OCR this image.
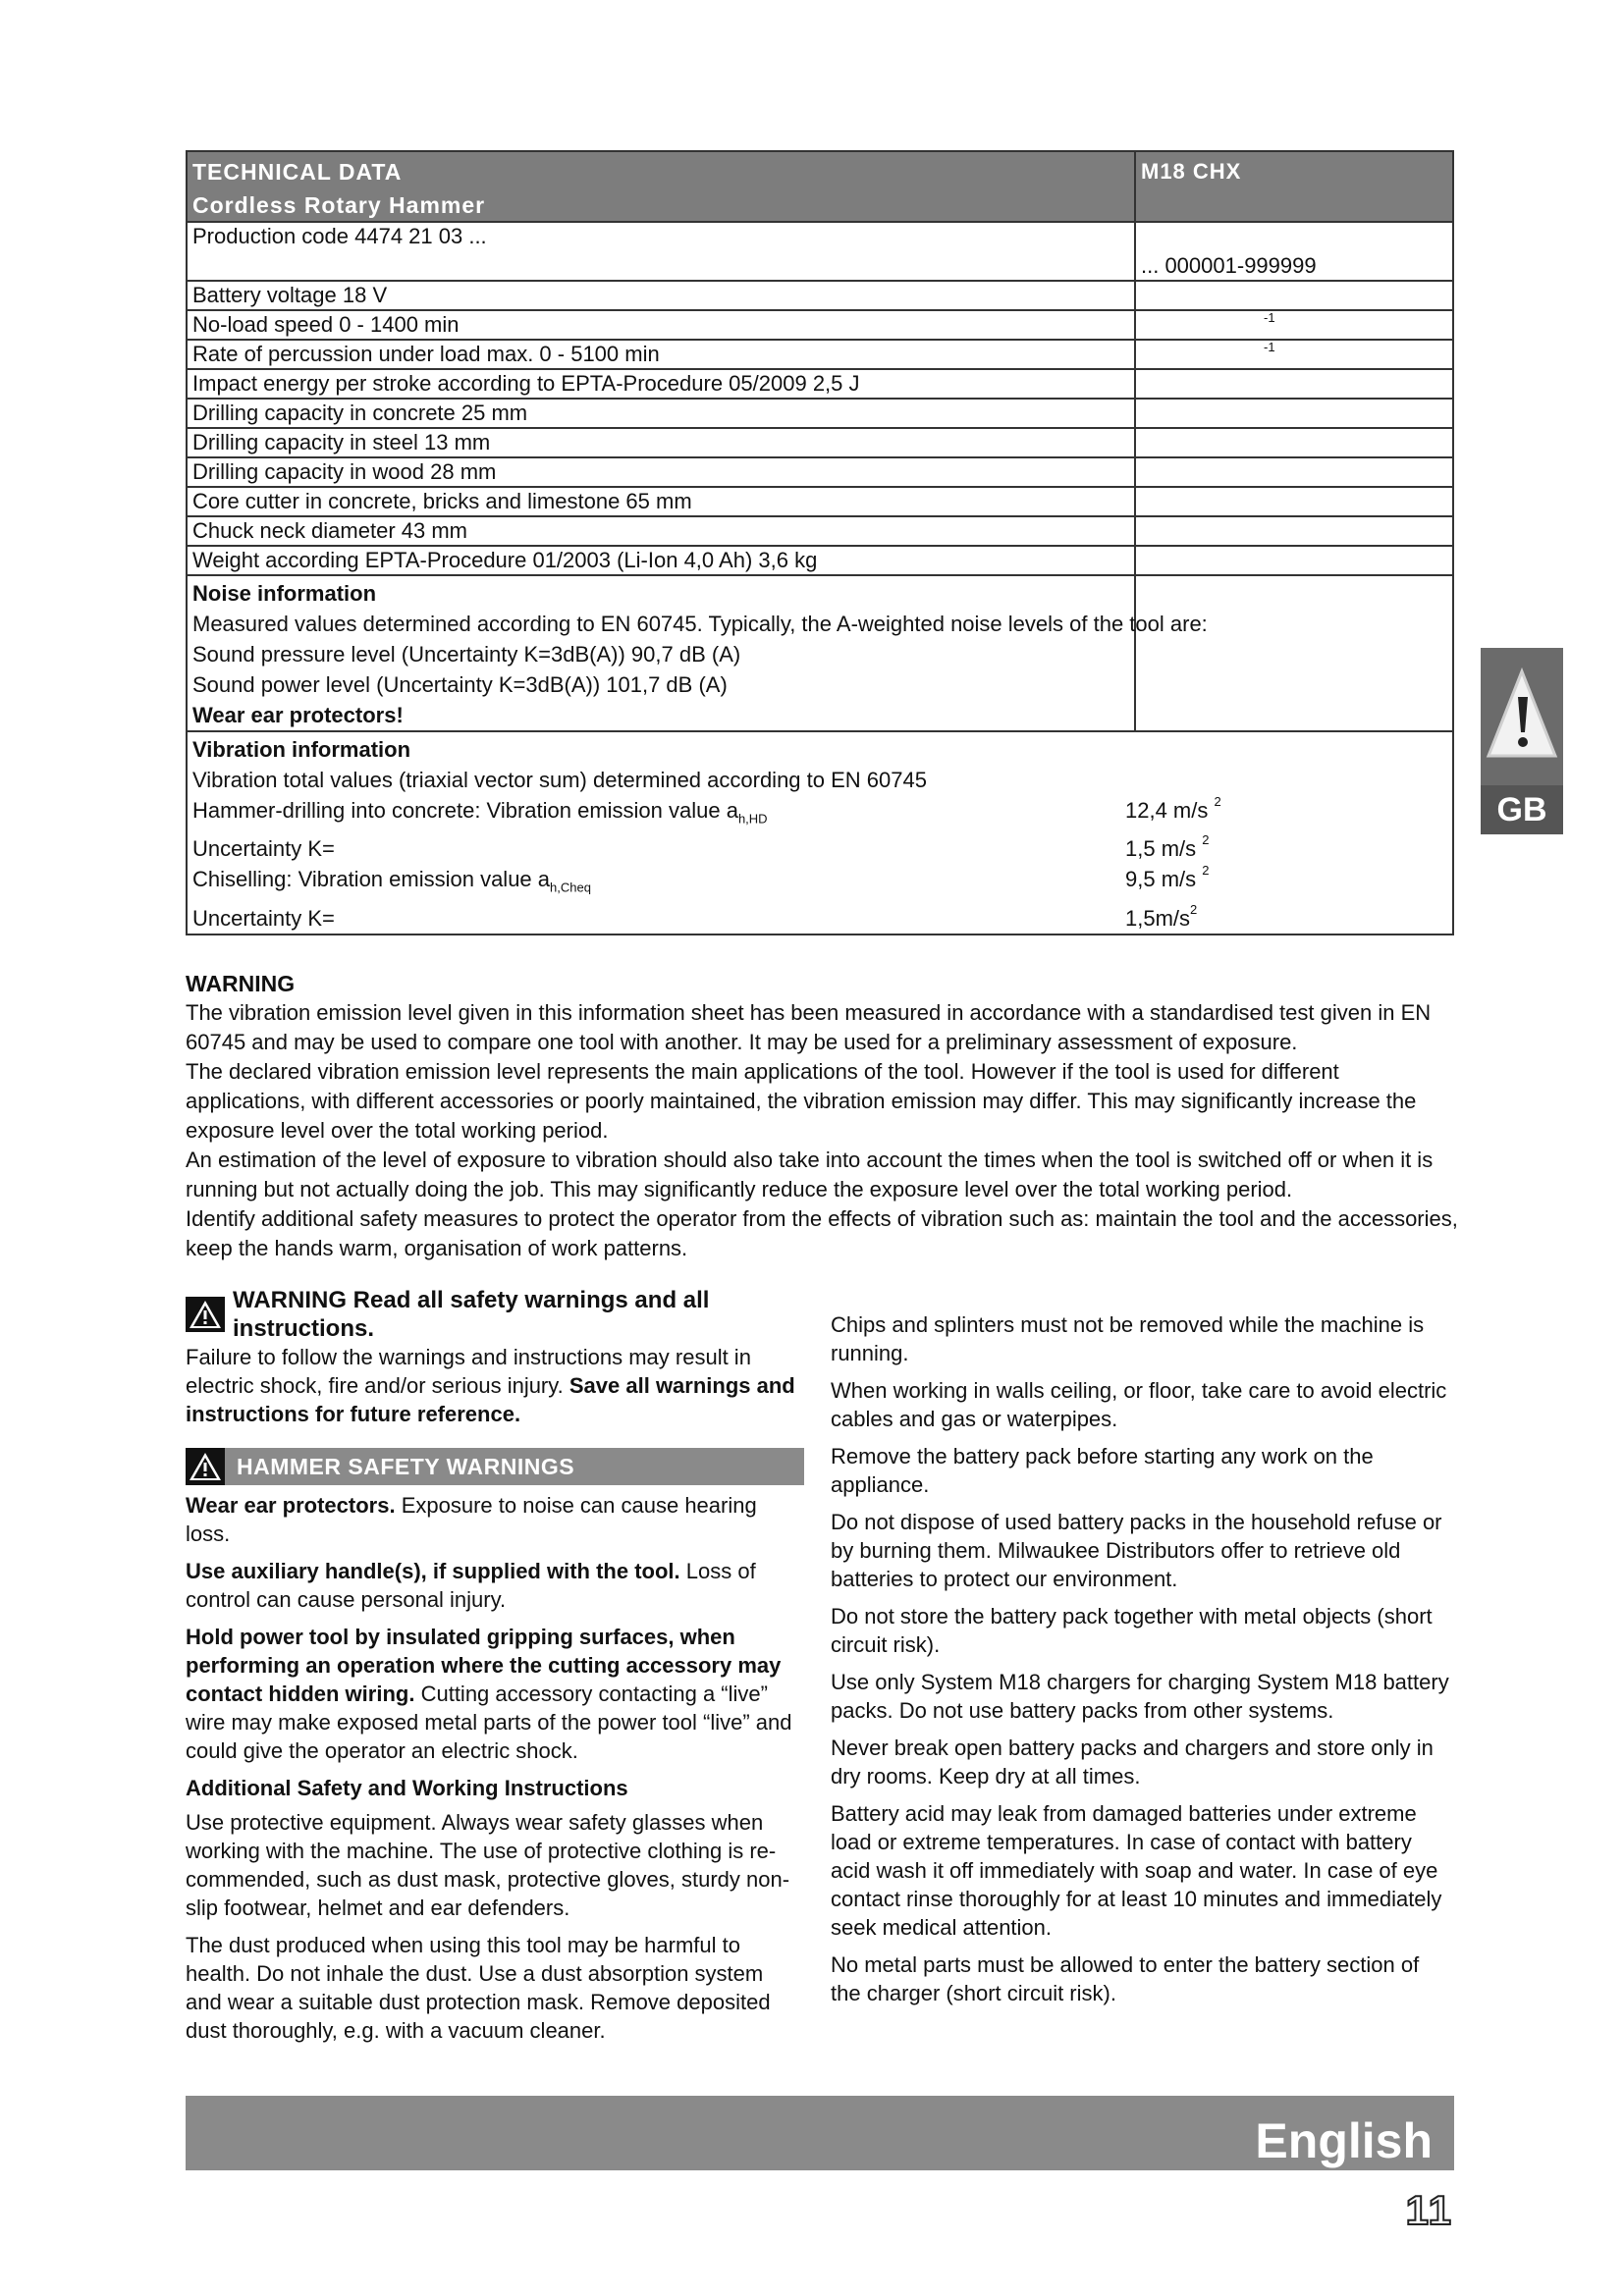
TECHNICAL DATA
Cordless Rotary Hammer
	M18 CHX
Production code 4474 21 03 ...	... 000001-999999
Battery voltage 18 V	
No-load speed 0 - 1400 min	$^{-1}$
Rate of percussion under load max. 0 - 5100 min	$^{-1}$
Impact energy per stroke according to EPTA-Procedure 05/2009 2,5 J	
Drilling capacity in concrete 25 mm	
Drilling capacity in steel 13 mm	
Drilling capacity in wood 28 mm	
Core cutter in concrete, bricks and limestone 65 mm	
Chuck neck diameter 43 mm	
Weight according EPTA-Procedure 01/2003 (Li-Ion 4,0 Ah) 3,6 kg	

Noise information
Measured values determined according to EN 60745. Typically, the A-weighted noise levels of the tool are:
Sound pressure level (Uncertainty K=3dB(A)) 90,7 dB (A)
Sound power level (Uncertainty K=3dB(A)) 101,7 dB (A)
Wear ear protectors!

Vibration information
Vibration total values (triaxial vector sum) determined according to EN 60745
Hammer-drilling into concrete: Vibration emission value $a_{h,HD}$	12,4 m/s $^2$
Uncertainty K=	1,5 m/s $^2$
Chiselling: Vibration emission value $a_{h,Cheq}$	9,5 m/s $^2$
Uncertainty K=	$1,5m/s^2$
WARNING

The vibration emission level given in this information sheet has been measured in accordance with a standardised test given in EN 60745 and may be used to compare one tool with another. It may be used for a preliminary assessment of exposure.

The declared vibration emission level represents the main applications of the tool. However if the tool is used for different applications, with different accessories or poorly maintained, the vibration emission may differ. This may significantly increase the exposure level over the total working period.

An estimation of the level of exposure to vibration should also take into account the times when the tool is switched off or when it is running but not actually doing the job. This may significantly reduce the exposure level over the total working period.

Identify additional safety measures to protect the operator from the effects of vibration such as: maintain the tool and the accessories, keep the hands warm, organisation of work patterns.

WARNING Read all safety warnings and all instructions.

Failure to follow the warnings and instructions may result in electric shock, fire and/or serious injury. Save all warnings and instructions for future reference.

HAMMER SAFETY WARNINGS

Wear ear protectors. Exposure to noise can cause hearing loss.

Use auxiliary handle(s), if supplied with the tool. Loss of control can cause personal injury.

Hold power tool by insulated gripping surfaces, when performing an operation where the cutting accessory may contact hidden wiring. Cutting accessory contacting a “live” wire may make exposed metal parts of the power tool “live” and could give the operator an electric shock.

Additional Safety and Working Instructions

Use protective equipment. Always wear safety glasses when working with the machine. The use of protective clothing is re-commended, such as dust mask, protective gloves, sturdy non-slip footwear, helmet and ear defenders.

The dust produced when using this tool may be harmful to health. Do not inhale the dust. Use a dust absorption system and wear a suitable dust protection mask. Remove deposited dust thoroughly, e.g. with a vacuum cleaner.

Chips and splinters must not be removed while the machine is running.

When working in walls ceiling, or floor, take care to avoid electric cables and gas or waterpipes.

Remove the battery pack before starting any work on the appliance.

Do not dispose of used battery packs in the household refuse or by burning them. Milwaukee Distributors offer to retrieve old batteries to protect our environment.

Do not store the battery pack together with metal objects (short circuit risk).

Use only System M18 chargers for charging System M18 battery packs. Do not use battery packs from other systems.

Never break open battery packs and chargers and store only in dry rooms. Keep dry at all times.

Battery acid may leak from damaged batteries under extreme load or extreme temperatures. In case of contact with battery acid wash it off immediately with soap and water. In case of eye contact rinse thoroughly for at least 10 minutes and immediately seek medical attention.

No metal parts must be allowed to enter the battery section of the charger (short circuit risk).

GB
English
11
